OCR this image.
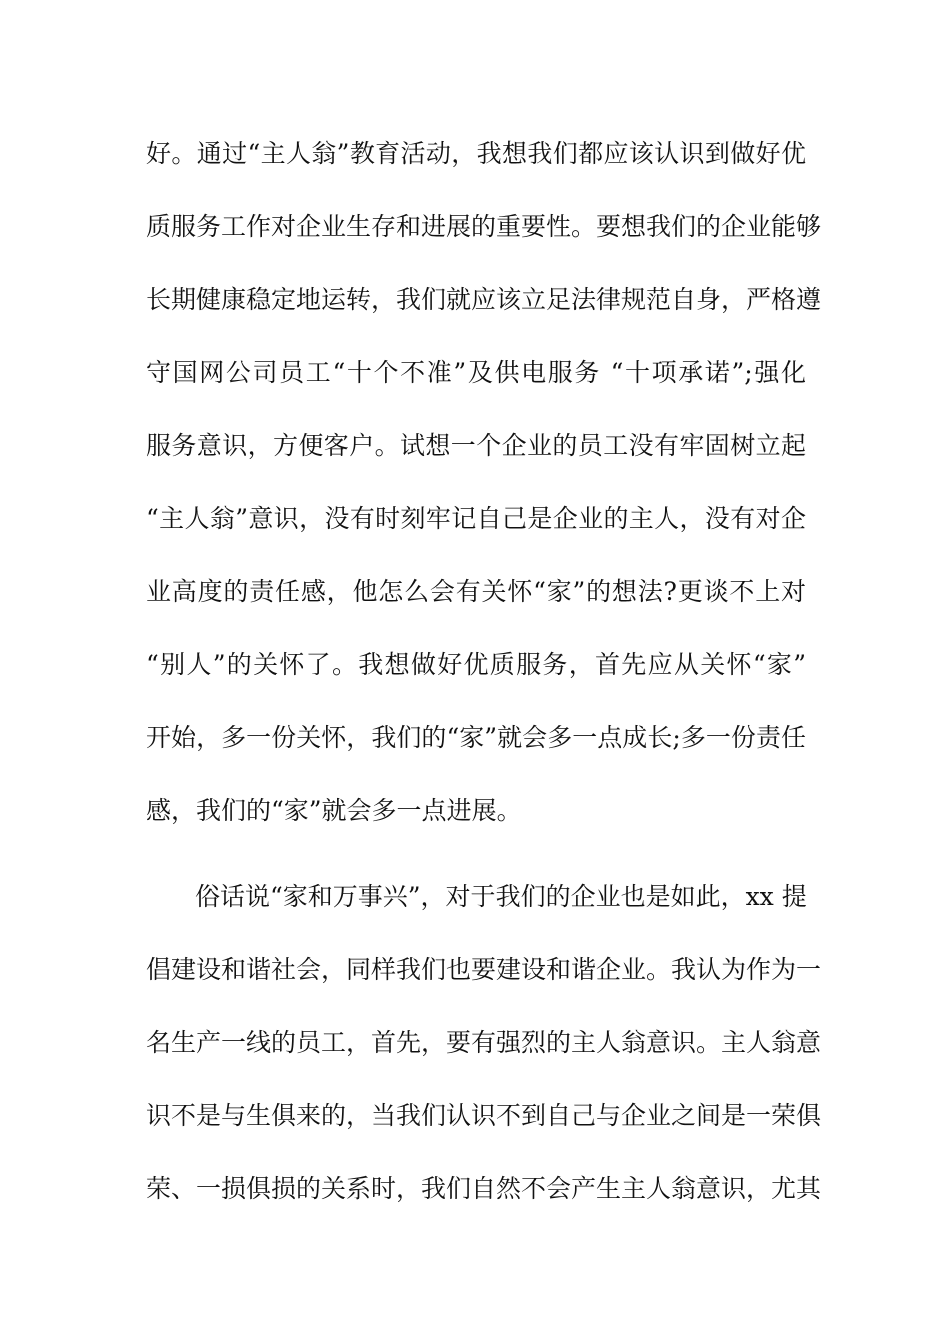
好。通过“主人翁”教育活动，我想我们都应该认识到做好优
质服务工作对企业生存和进展的重要性。要想我们的企业能够
长期健康稳定地运转，我们就应该立足法律规范自身，严格遵
守国网公司员工“十个不准”及供电服务 “十项承诺”;强化
服务意识，方便客户。试想一个企业的员工没有牢固树立起
“主人翁”意识，没有时刻牢记自己是企业的主人，没有对企
业高度的责任感，他怎么会有关怀“家”的想法?更谈不上对
“别人”的关怀了。我想做好优质服务，首先应从关怀“家”
开始，多一份关怀，我们的“家”就会多一点成长;多一份责任
感，我们的“家”就会多一点进展。
俗话说“家和万事兴”，对于我们的企业也是如此，xx 提
倡建设和谐社会，同样我们也要建设和谐企业。我认为作为一
名生产一线的员工，首先，要有强烈的主人翁意识。主人翁意
识不是与生俱来的，当我们认识不到自己与企业之间是一荣俱
荣、一损俱损的关系时，我们自然不会产生主人翁意识，尤其
